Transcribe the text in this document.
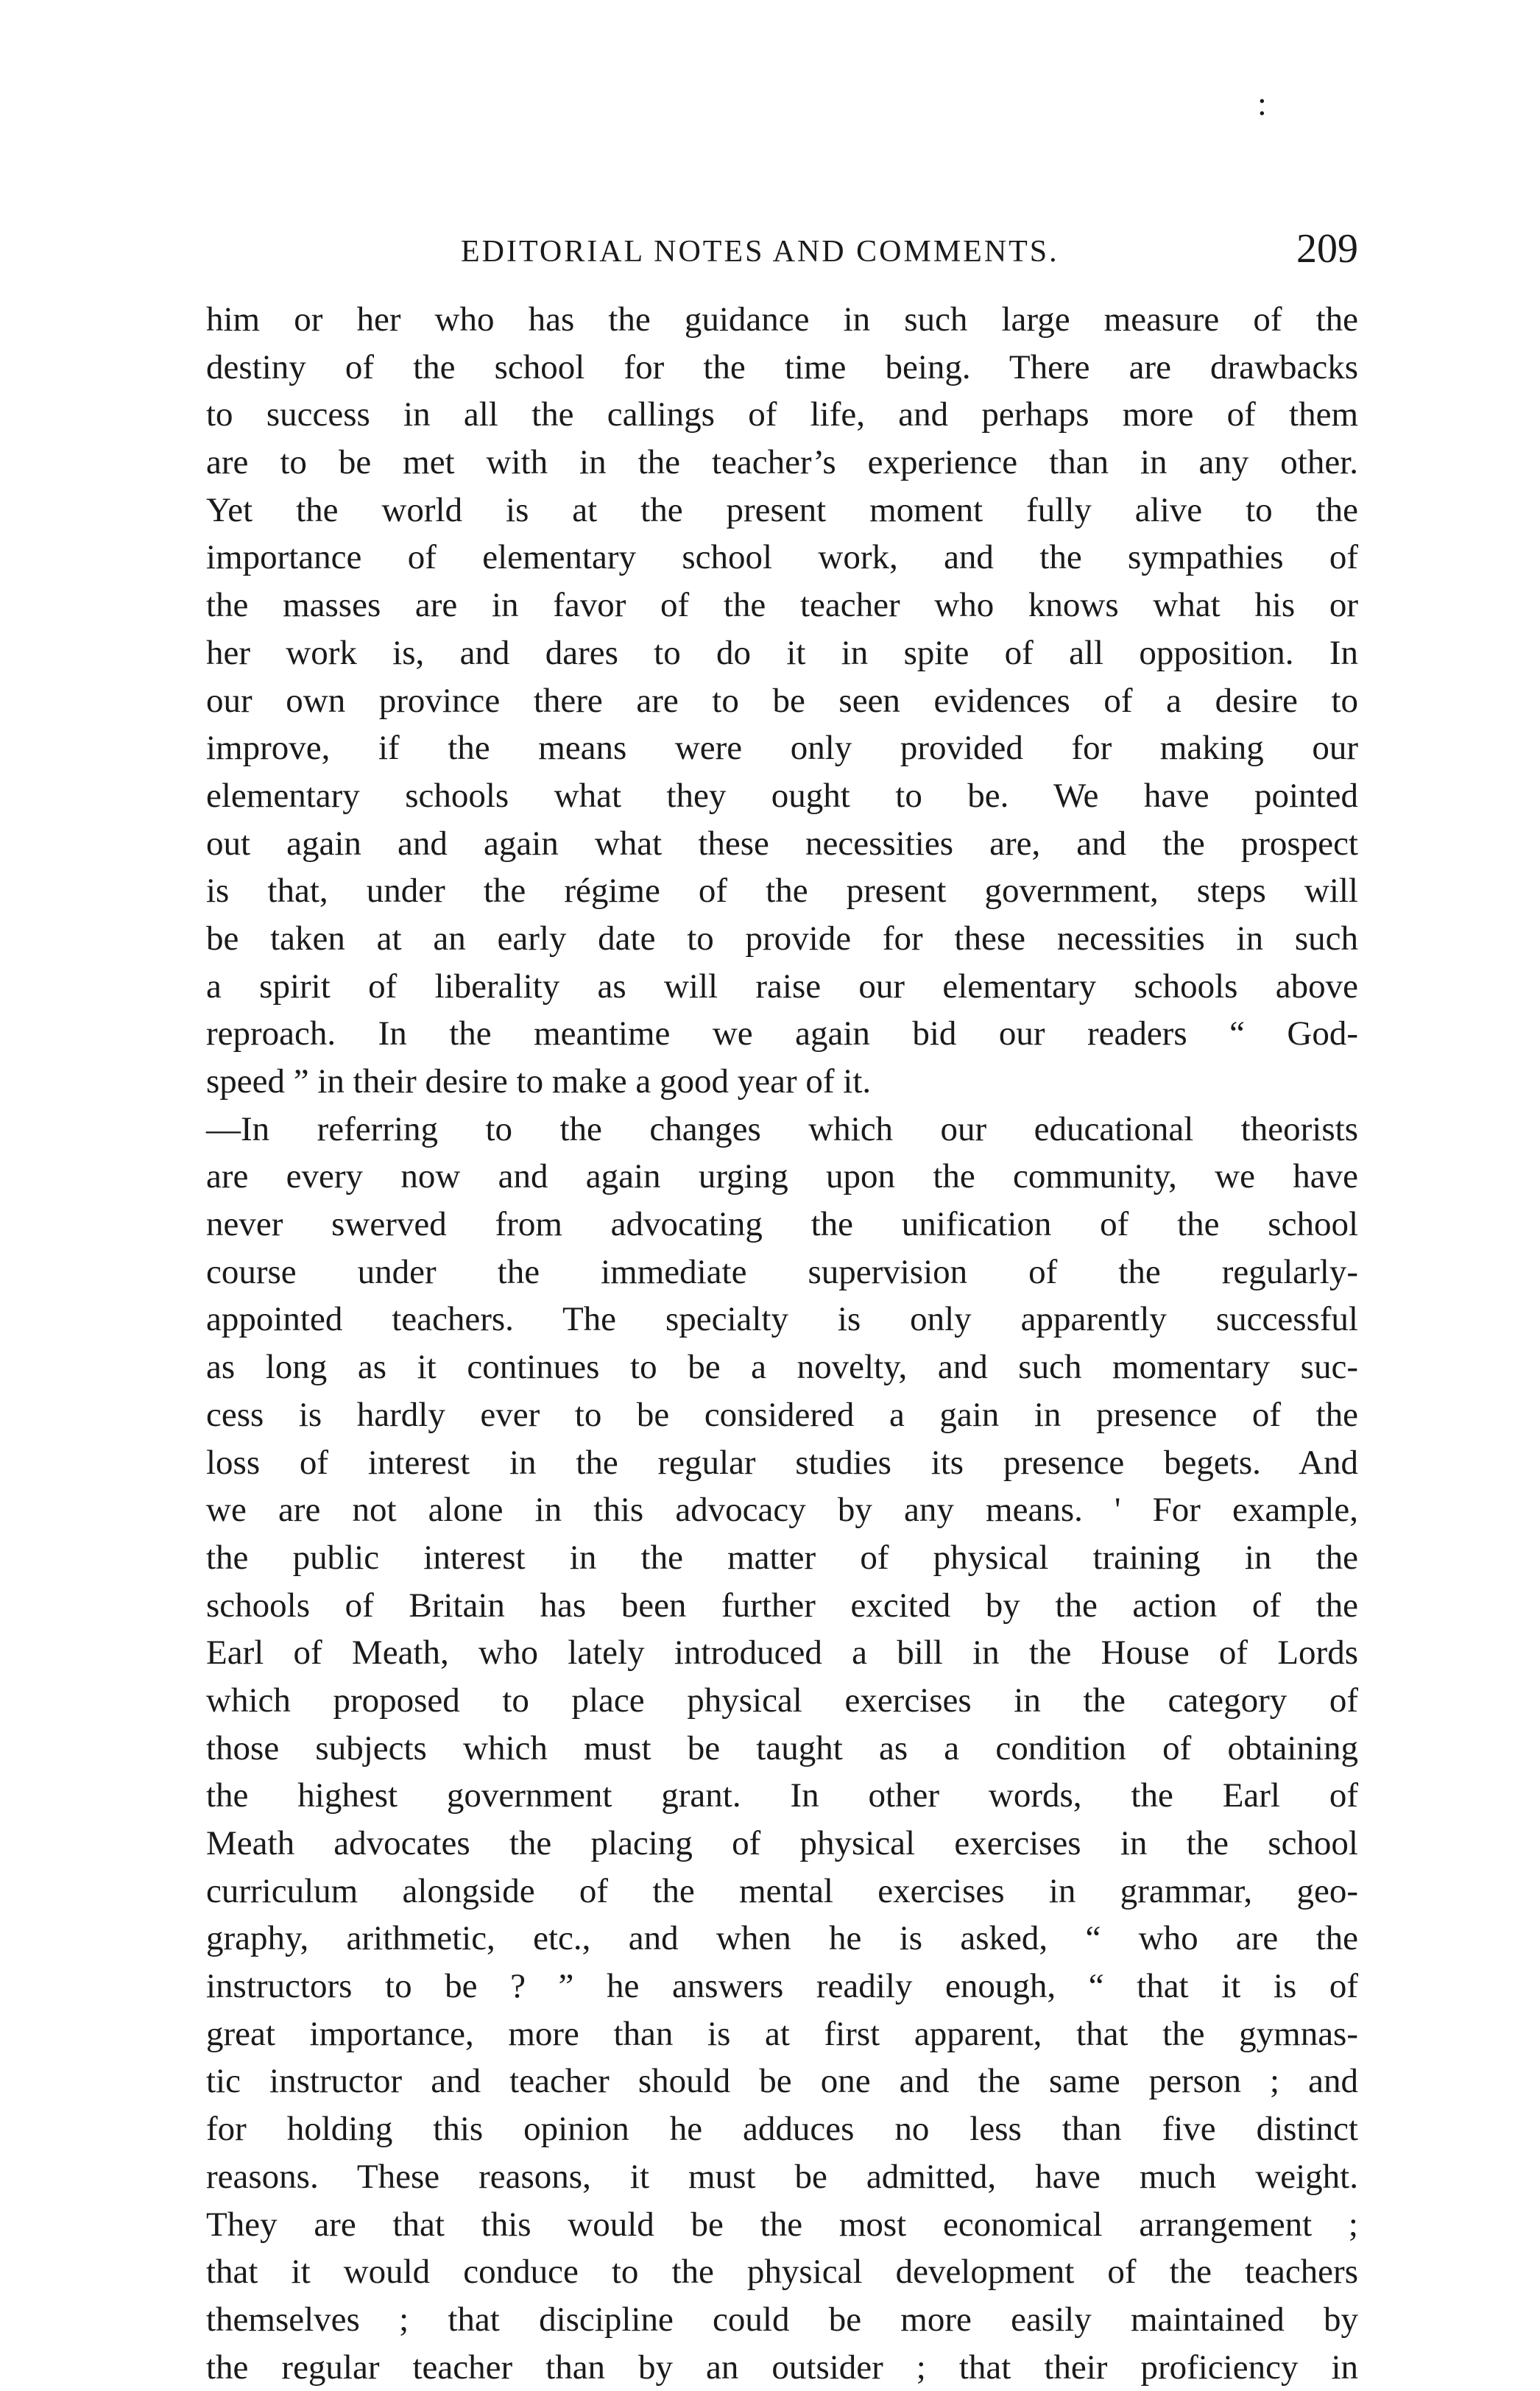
:
EDITORIAL NOTES AND COMMENTS.	209
him or her who has the guidance in such large measure of the
destiny of the school for the time being. There are drawbacks
to success in all the callings of life, and perhaps more of them
are to be met with in the teacher’s experience than in any other.
Yet the world is at the present moment fully alive to the
importance of elementary school work, and the sympathies of
the masses are in favor of the teacher who knows what his or
her work is, and dares to do it in spite of all opposition. In
our own province there are to be seen evidences of a desire to
improve, if the means were only provided for making our
elementary schools what they ought to be. We have pointed
out again and again what these necessities are, and the prospect
is that, under the régime of the present government, steps will
be taken at an early date to provide for these necessities in such
a spirit of liberality as will raise our elementary schools above
reproach. In the meantime we again bid our readers “ God-
speed ” in their desire to make a good year of it.
—In referring to the changes which our educational theorists
are every now and again urging upon the community, we have
never swerved from advocating the unification of the school
course under the immediate supervision of the regularly-
appointed teachers. The specialty is only apparently successful
as long as it continues to be a novelty, and such momentary suc-
cess is hardly ever to be considered a gain in presence of the
loss of interest in the regular studies its presence begets. And
we are not alone in this advocacy by any means. ' For example,
the public interest in the matter of physical training in the
schools of Britain has been further excited by the action of the
Earl of Meath, who lately introduced a bill in the House of Lords
which proposed to place physical exercises in the category of
those subjects which must be taught as a condition of obtaining
the highest government grant. In other words, the Earl of
Meath advocates the placing of physical exercises in the school
curriculum alongside of the mental exercises in grammar, geo-
graphy, arithmetic, etc., and when he is asked, “ who are the
instructors to be ? ” he answers readily enough, “ that it is of
great importance, more than is at first apparent, that the gymnas-
tic instructor and teacher should be one and the same person ; and
for holding this opinion he adduces no less than five distinct
reasons. These reasons, it must be admitted, have much weight.
They are that this would be the most economical arrangement ;
that it would conduce to the physical development of the teachers
themselves ; that discipline could be more easily maintained by
the regular teacher than by an outsider ; that their proficiency in
